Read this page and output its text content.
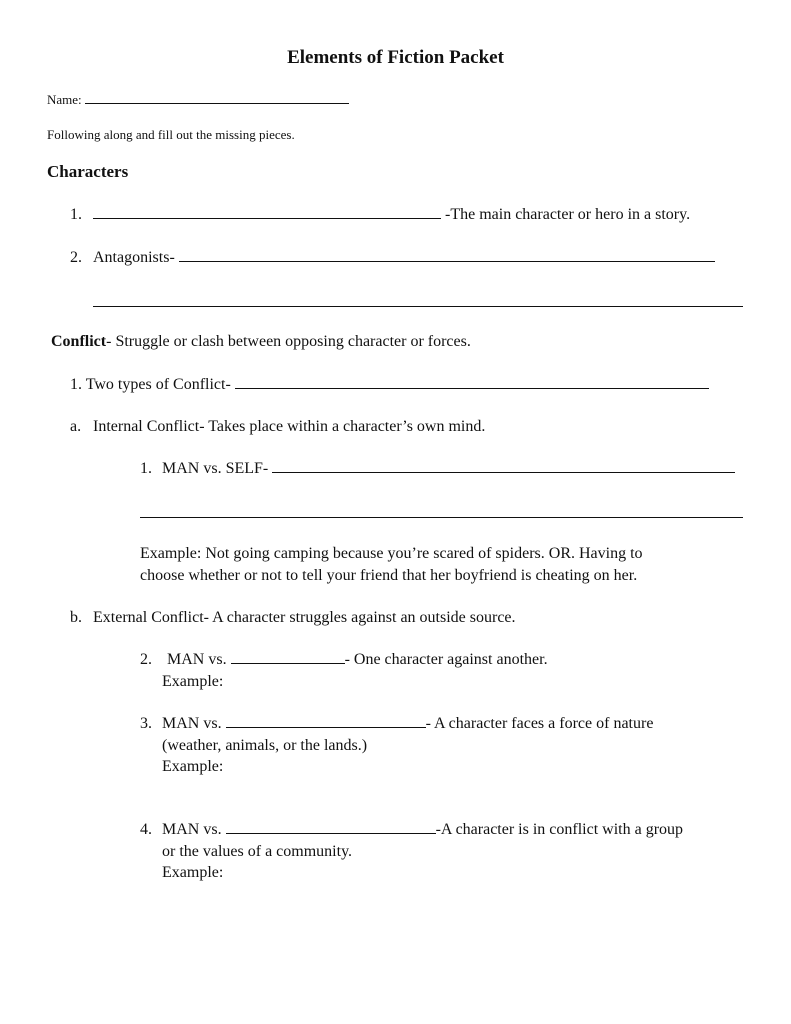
Elements of Fiction Packet
Name:
Following along and fill out the missing pieces.
Characters
1.	-The main character or hero in a story.
2. Antagonists-
Conflict- Struggle or clash between opposing character or forces.
1. Two types of Conflict-
a. Internal Conflict- Takes place within a character’s own mind.
1. MAN vs. SELF-
Example: Not going camping because you’re scared of spiders. OR. Having to
choose whether or not to tell your friend that her boyfriend is cheating on her.
b. External Conflict- A character struggles against an outside source.
2. MAN vs.	- One character against another.
Example:
3. MAN vs.	- A character faces a force of nature
(weather, animals, or the lands.)
Example:
4. MAN vs.	-A character is in conflict with a group
or the values of a community.
Example:
